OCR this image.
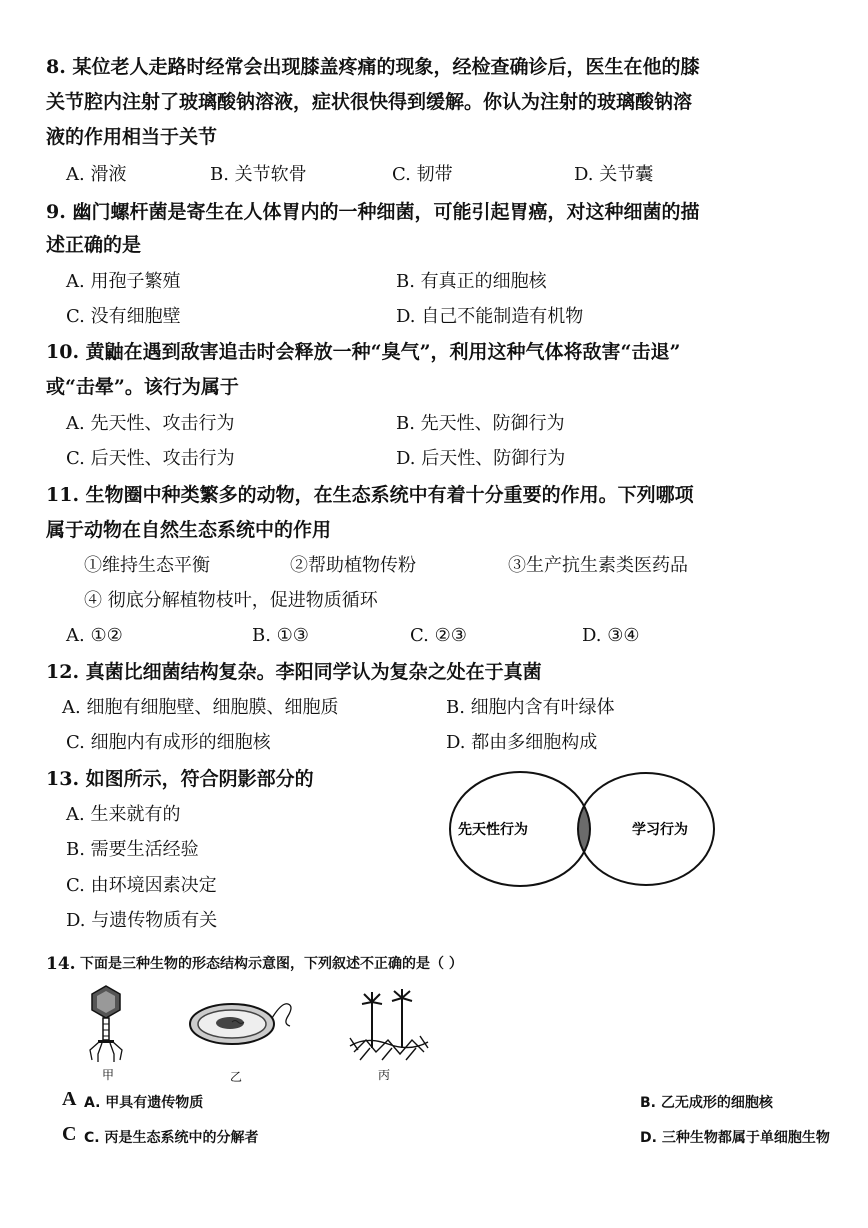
8. 某位老人走路时经常会出现膝盖疼痛的现象，经检查确诊后，医生在他的膝
关节腔内注射了玻璃酸钠溶液，症状很快得到缓解。你认为注射的玻璃酸钠溶
液的作用相当于关节
A. 滑液	B. 关节软骨	C. 韧带	D. 关节囊
9. 幽门螺杆菌是寄生在人体胃内的一种细菌，可能引起胃癌，对这种细菌的描
述正确的是
A. 用孢子繁殖	B. 有真正的细胞核
C. 没有细胞壁	D. 自己不能制造有机物
10. 黄鼬在遇到敌害追击时会释放一种“臭气”，利用这种气体将敌害“击退”
或“击晕”。该行为属于
A. 先天性、攻击行为	B. 先天性、防御行为
C. 后天性、攻击行为	D. 后天性、防御行为
11. 生物圈中种类繁多的动物，在生态系统中有着十分重要的作用。下列哪项
属于动物在自然生态系统中的作用
①维持生态平衡	②帮助植物传粉	③生产抗生素类医药品
④ 彻底分解植物枝叶，促进物质循环
A. ①②	B. ①③	C. ②③	D. ③④
12. 真菌比细菌结构复杂。李阳同学认为复杂之处在于真菌
A. 细胞有细胞壁、细胞膜、细胞质	B. 细胞内含有叶绿体
C. 细胞内有成形的细胞核	D. 都由多细胞构成
13. 如图所示，符合阴影部分的
A. 生来就有的
B. 需要生活经验
C. 由环境因素决定
D. 与遗传物质有关
先天性行为	学习行为
14. 下面是三种生物的形态结构示意图，下列叙述不正确的是（ ）
甲	乙	丙
A A. 甲具有遗传物质	B. 乙无成形的细胞核
C C. 丙是生态系统中的分解者	D. 三种生物都属于单细胞生物
